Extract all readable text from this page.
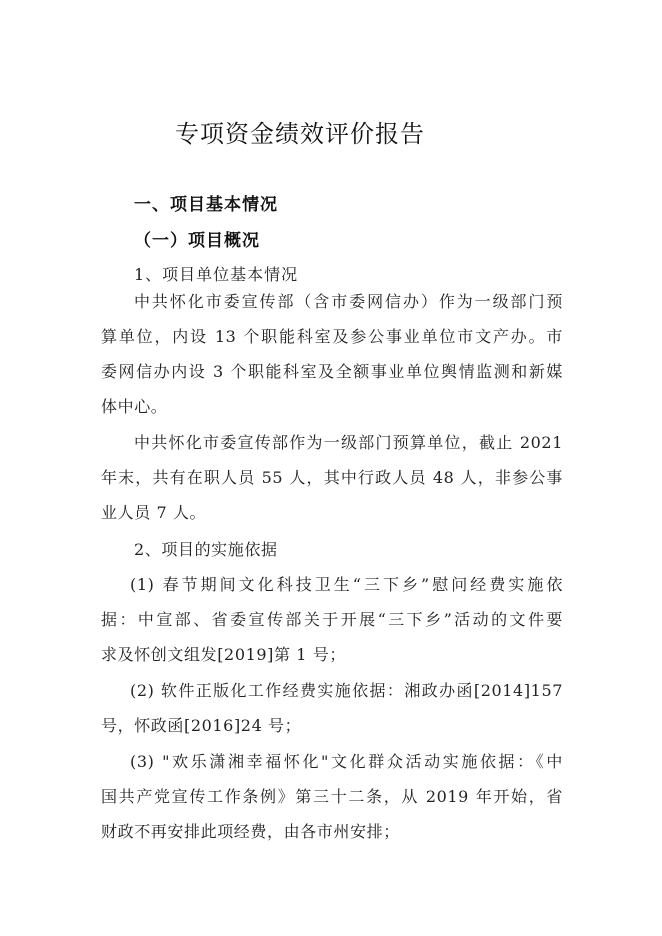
专项资金绩效评价报告
一、项目基本情况
（一）项目概况
1、项目单位基本情况
中共怀化市委宣传部（含市委网信办）作为一级部门预
算单位，内设 13 个职能科室及参公事业单位市文产办。市
委网信办内设 3 个职能科室及全额事业单位舆情监测和新媒
体中心。
中共怀化市委宣传部作为一级部门预算单位，截止 2021
年末，共有在职人员 55 人，其中行政人员 48 人，非参公事
业人员 7 人。
2、项目的实施依据
(1) 春节期间文化科技卫生“三下乡”慰问经费实施依
据：中宣部、省委宣传部关于开展“三下乡”活动的文件要
求及怀创文组发[2019]第 1 号；
(2) 软件正版化工作经费实施依据：湘政办函[2014]157
号，怀政函[2016]24 号；
(3) "欢乐潇湘幸福怀化"文化群众活动实施依据：《中
国共产党宣传工作条例》第三十二条，从 2019 年开始，省
财政不再安排此项经费，由各市州安排；
